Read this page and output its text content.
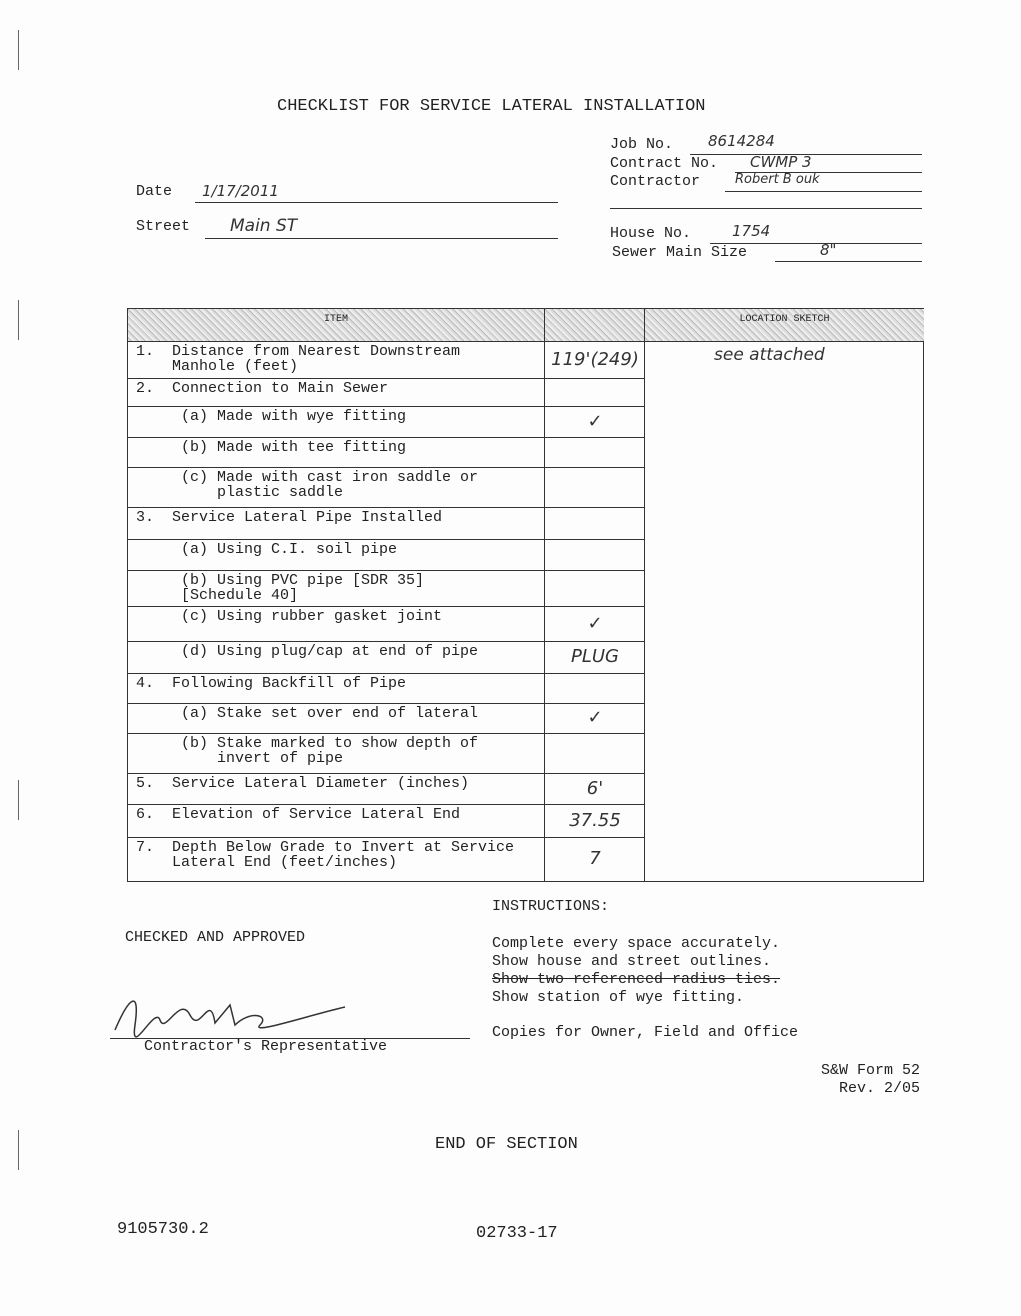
CHECKLIST FOR SERVICE LATERAL INSTALLATION
Job No. 8614284
Contract No. CWMP 3
Contractor	Robert B ouk
Date 1/17/2011
Street Main ST	House No.	1754
Sewer Main Size	8"
ITEM	LOCATION SKETCH
see attached
1.  Distance from Nearest Downstream
Manhole (feet)	119'(249)
2.  Connection to Main Sewer
(a) Made with wye fitting	✓
(b) Made with tee fitting
(c) Made with cast iron saddle or
plastic saddle
3.  Service Lateral Pipe Installed
(a) Using C.I. soil pipe
(b) Using PVC pipe [SDR 35]
[Schedule 40]
(c) Using rubber gasket joint	✓
(d) Using plug/cap at end of pipe	PLUG
4.  Following Backfill of Pipe
(a) Stake set over end of lateral	✓
(b) Stake marked to show depth of
invert of pipe
5.  Service Lateral Diameter (inches)	6'
6.  Elevation of Service Lateral End	37.55
7.  Depth Below Grade to Invert at Service
Lateral End (feet/inches)	7
CHECKED AND APPROVED
Contractor's Representative
INSTRUCTIONS:
Complete every space accurately.
Show house and street outlines.
Show two referenced radius ties.
Show station of wye fitting.
Copies for Owner, Field and Office
S&W Form 52
Rev. 2/05
END OF SECTION
9105730.2	02733-17
